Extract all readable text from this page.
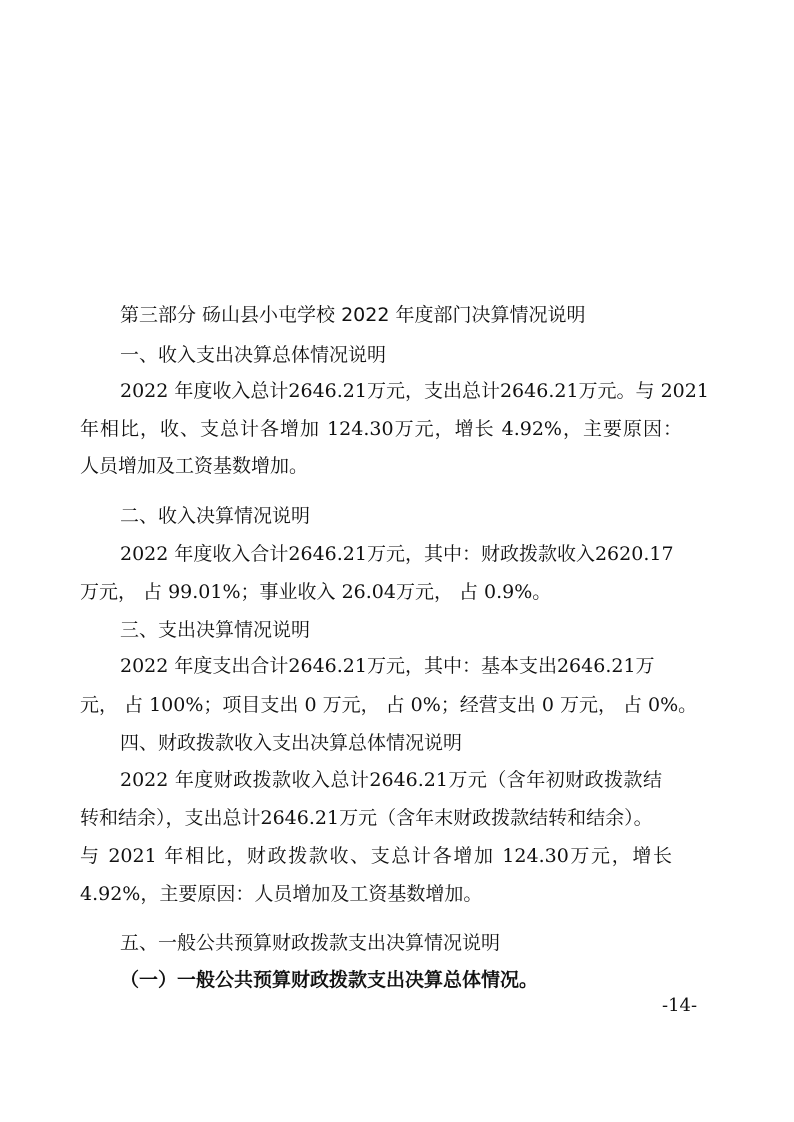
第三部分 砀山县小屯学校 2022 年度部门决算情况说明
一、收入支出决算总体情况说明
2022 年度收入总计2646.21万元，支出总计2646.21万元。与 2021
年相比，收、支总计各增加 124.30万元，增长 4.92%，主要原因：
人员增加及工资基数增加。
二、收入决算情况说明
2022 年度收入合计2646.21万元，其中：财政拨款收入2620.17
万元， 占 99.01%；事业收入 26.04万元， 占 0.9%。
三、支出决算情况说明
2022 年度支出合计2646.21万元，其中：基本支出2646.21万
元， 占 100%；项目支出 0 万元， 占 0%；经营支出 0 万元， 占 0%。
四、财政拨款收入支出决算总体情况说明
2022 年度财政拨款收入总计2646.21万元（含年初财政拨款结
转和结余），支出总计2646.21万元（含年末财政拨款结转和结余）。
与 2021 年相比，财政拨款收、支总计各增加 124.30万元，增长
4.92%，主要原因：人员增加及工资基数增加。
五、一般公共预算财政拨款支出决算情况说明
（一）一般公共预算财政拨款支出决算总体情况。
-14-
